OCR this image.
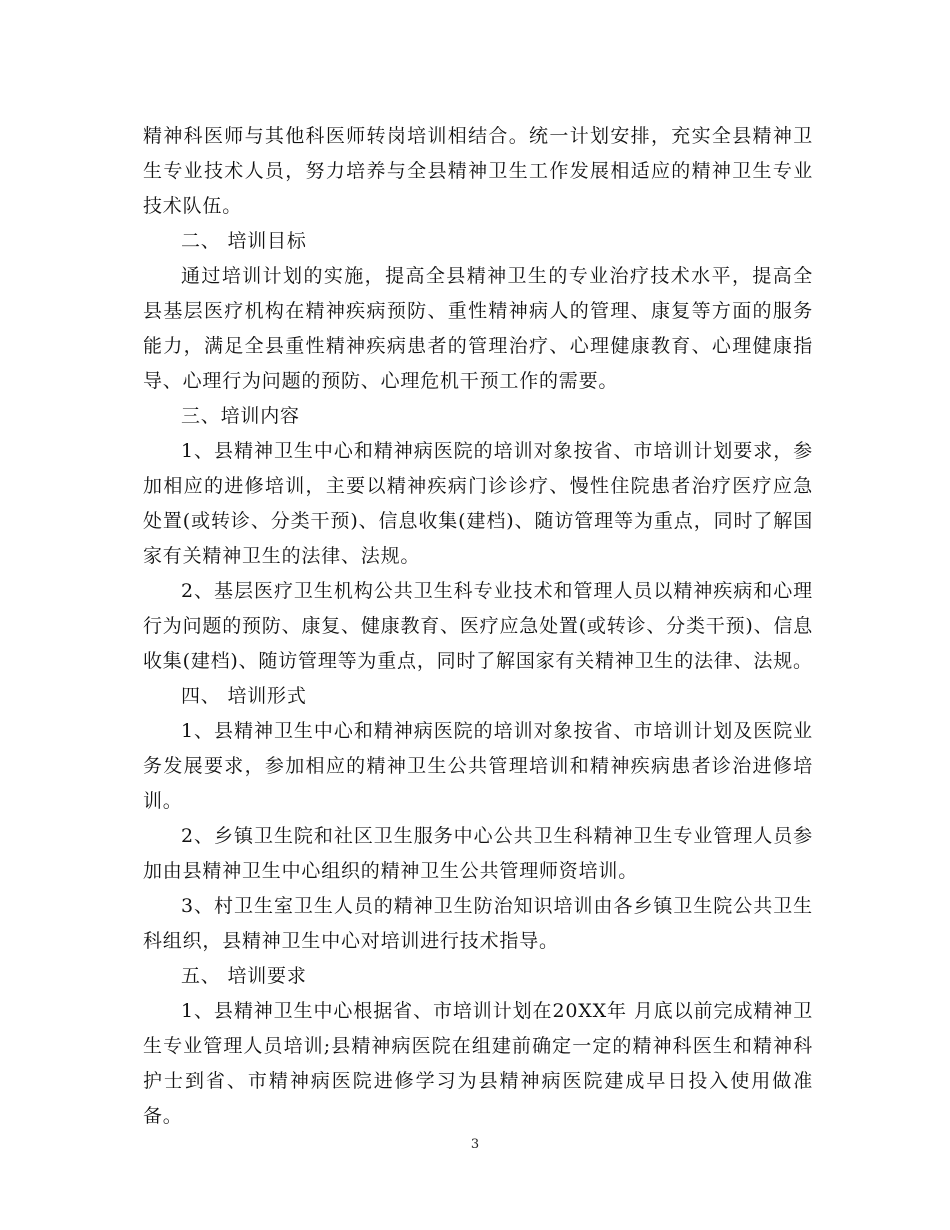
精神科医师与其他科医师转岗培训相结合。统一计划安排，充实全县精神卫生专业技术人员，努力培养与全县精神卫生工作发展相适应的精神卫生专业技术队伍。

二、 培训目标

通过培训计划的实施，提高全县精神卫生的专业治疗技术水平，提高全县基层医疗机构在精神疾病预防、重性精神病人的管理、康复等方面的服务能力，满足全县重性精神疾病患者的管理治疗、心理健康教育、心理健康指导、心理行为问题的预防、心理危机干预工作的需要。

三、培训内容

1、县精神卫生中心和精神病医院的培训对象按省、市培训计划要求，参加相应的进修培训，主要以精神疾病门诊诊疗、慢性住院患者治疗医疗应急处置(或转诊、分类干预)、信息收集(建档)、随访管理等为重点，同时了解国家有关精神卫生的法律、法规。

2、基层医疗卫生机构公共卫生科专业技术和管理人员以精神疾病和心理行为问题的预防、康复、健康教育、医疗应急处置(或转诊、分类干预)、信息收集(建档)、随访管理等为重点，同时了解国家有关精神卫生的法律、法规。

四、 培训形式

1、县精神卫生中心和精神病医院的培训对象按省、市培训计划及医院业务发展要求，参加相应的精神卫生公共管理培训和精神疾病患者诊治进修培训。

2、乡镇卫生院和社区卫生服务中心公共卫生科精神卫生专业管理人员参加由县精神卫生中心组织的精神卫生公共管理师资培训。

3、村卫生室卫生人员的精神卫生防治知识培训由各乡镇卫生院公共卫生科组织，县精神卫生中心对培训进行技术指导。

五、 培训要求

1、县精神卫生中心根据省、市培训计划在20XX年 月底以前完成精神卫生专业管理人员培训;县精神病医院在组建前确定一定的精神科医生和精神科护士到省、市精神病医院进修学习为县精神病医院建成早日投入使用做准备。

3
